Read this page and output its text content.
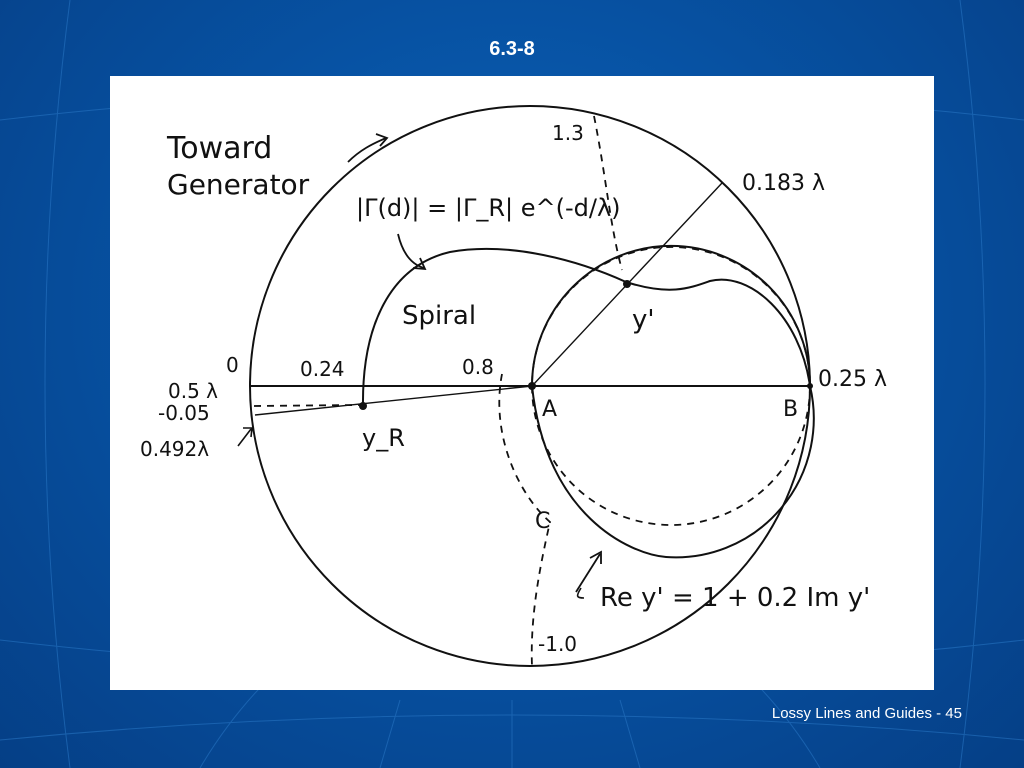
6.3-8
Toward
Generator
|Γ(d)| = |Γ_R| e^(-d/λ)
Spiral	y'
0
0.5 λ
-0.05
0.492λ
0.24	0.8
A	B
C
y_R
0.25 λ
0.183 λ
1.3
-1.0
Re y' = 1 + 0.2 Im y'
Lossy Lines and Guides - 45
